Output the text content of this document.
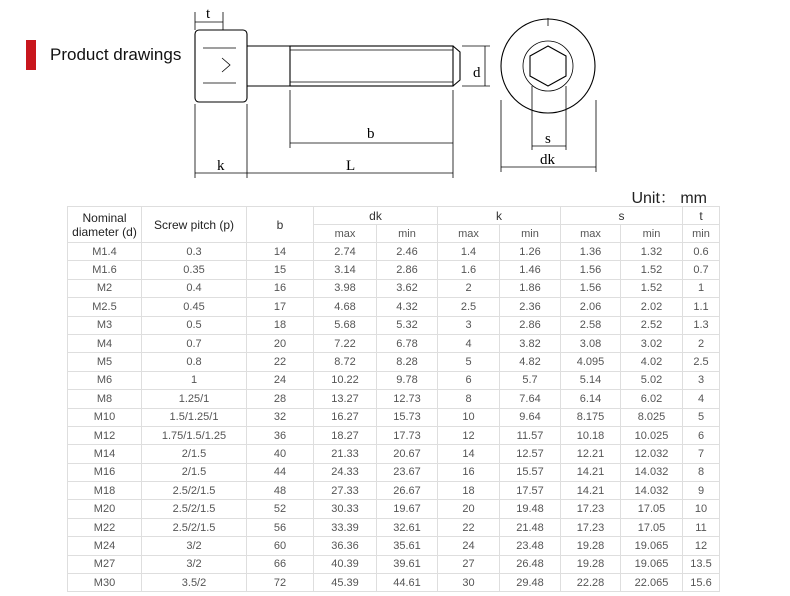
Product drawings
t
d
b
k	L
s
dk
Unit： mm
Nominal diameter (d)	Screw pitch (p)	b	dk		k		s		t
			max	min	max	min	max	min	min
M1.4	0.3	14	2.74	2.46	1.4	1.26	1.36	1.32	0.6
M1.6	0.35	15	3.14	2.86	1.6	1.46	1.56	1.52	0.7
M2	0.4	16	3.98	3.62	2	1.86	1.56	1.52	1
M2.5	0.45	17	4.68	4.32	2.5	2.36	2.06	2.02	1.1
M3	0.5	18	5.68	5.32	3	2.86	2.58	2.52	1.3
M4	0.7	20	7.22	6.78	4	3.82	3.08	3.02	2
M5	0.8	22	8.72	8.28	5	4.82	4.095	4.02	2.5
M6	1	24	10.22	9.78	6	5.7	5.14	5.02	3
M8	1.25/1	28	13.27	12.73	8	7.64	6.14	6.02	4
M10	1.5/1.25/1	32	16.27	15.73	10	9.64	8.175	8.025	5
M12	1.75/1.5/1.25	36	18.27	17.73	12	11.57	10.18	10.025	6
M14	2/1.5	40	21.33	20.67	14	12.57	12.21	12.032	7
M16	2/1.5	44	24.33	23.67	16	15.57	14.21	14.032	8
M18	2.5/2/1.5	48	27.33	26.67	18	17.57	14.21	14.032	9
M20	2.5/2/1.5	52	30.33	19.67	20	19.48	17.23	17.05	10
M22	2.5/2/1.5	56	33.39	32.61	22	21.48	17.23	17.05	11
M24	3/2	60	36.36	35.61	24	23.48	19.28	19.065	12
M27	3/2	66	40.39	39.61	27	26.48	19.28	19.065	13.5
M30	3.5/2	72	45.39	44.61	30	29.48	22.28	22.065	15.6
